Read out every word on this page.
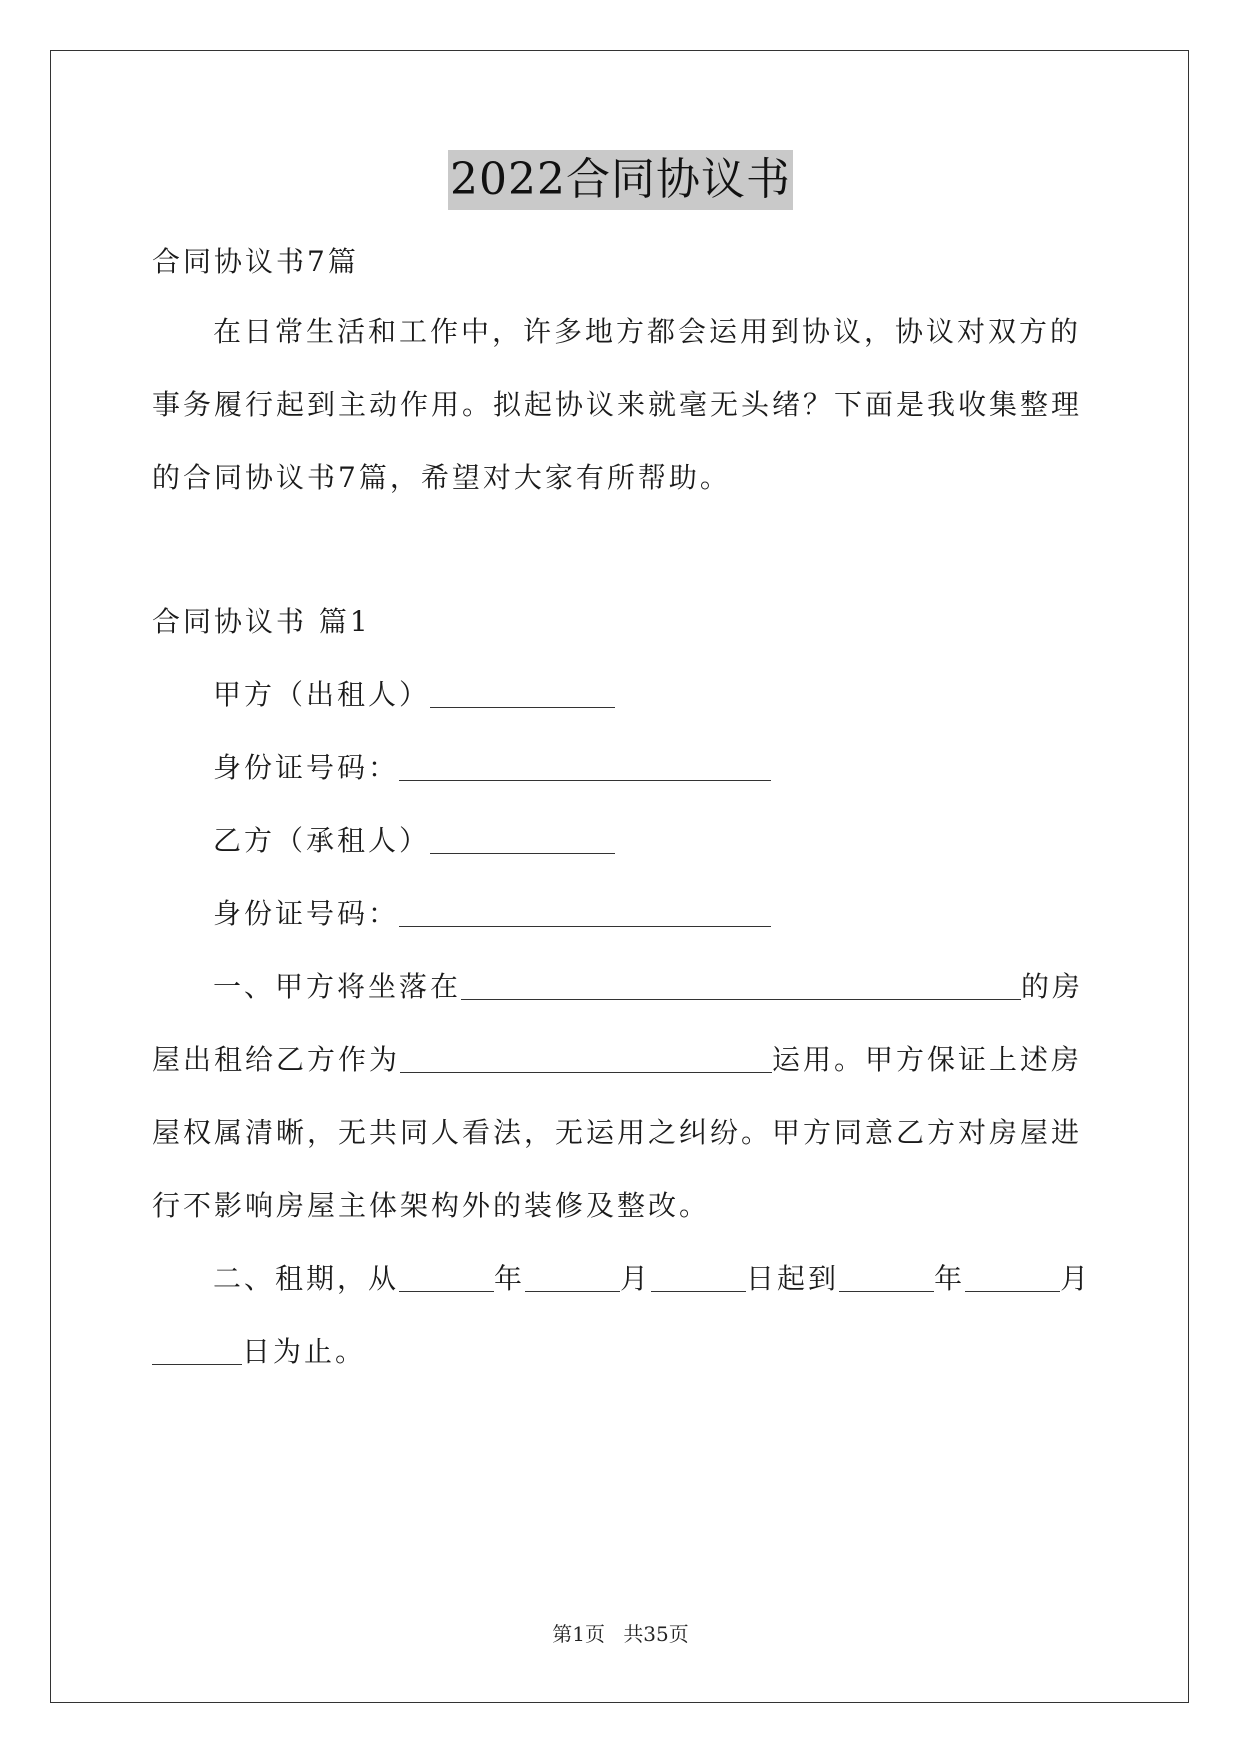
2022合同协议书
合同协议书7篇
在日常生活和工作中，许多地方都会运用到协议，协议对双方的
事务履行起到主动作用。拟起协议来就毫无头绪？下面是我收集整理
的合同协议书7篇，希望对大家有所帮助。
合同协议书 篇1
甲方（出租人）
身份证号码：
乙方（承租人）
身份证号码：
一、甲方将坐落在	的房
屋出租给乙方作为	运用。甲方保证上述房
屋权属清晰，无共同人看法，无运用之纠纷。甲方同意乙方对房屋进
行不影响房屋主体架构外的装修及整改。
二、租期，从	年	月	日起到	年	月
日为止。
第1页 共35页
